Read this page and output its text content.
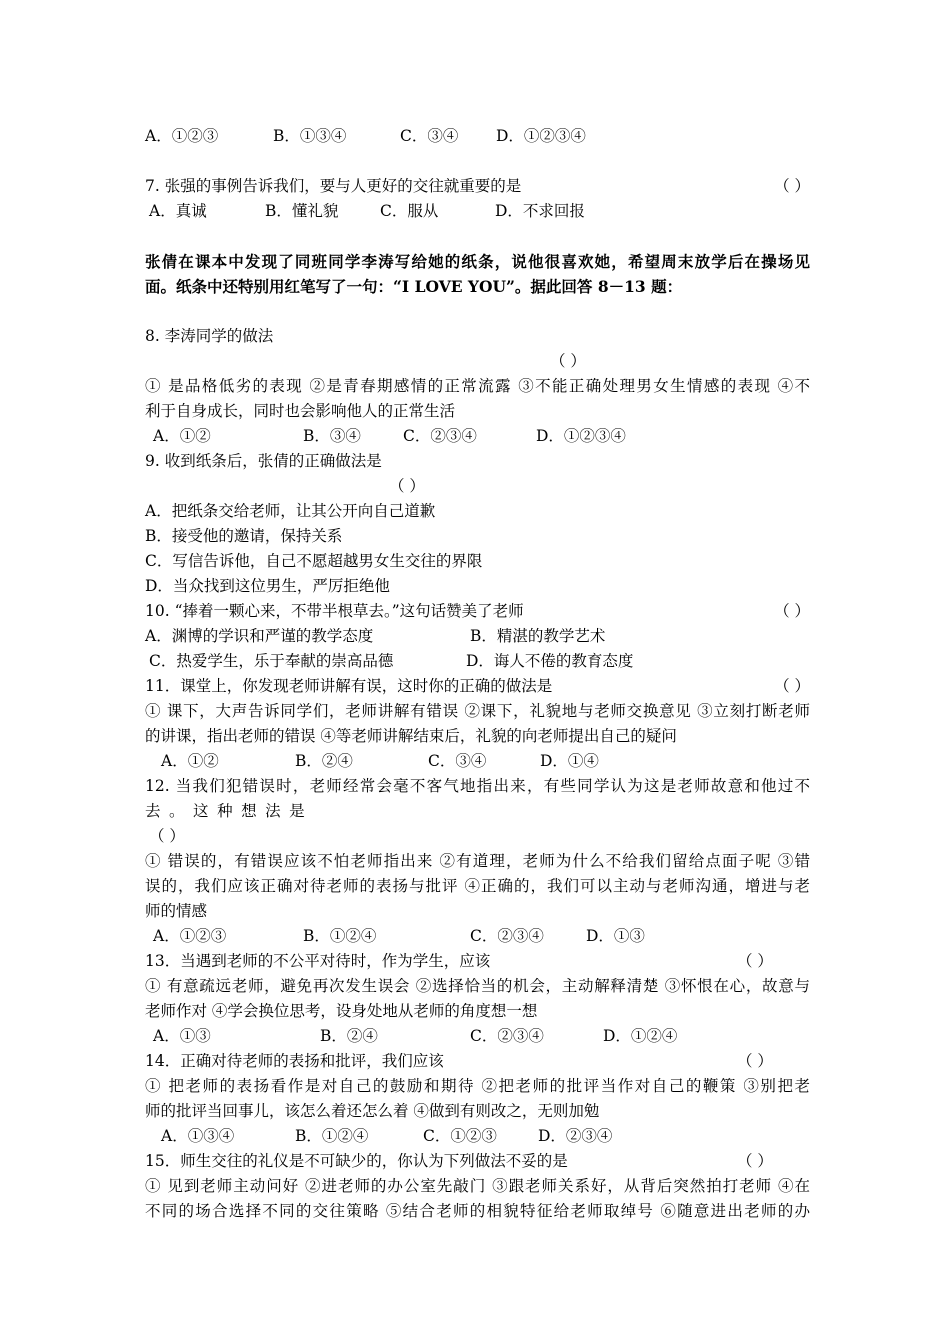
A．①②③	B．①③④	C．③④ D．①②③④
7. 张强的事例告诉我们，要与人更好的交往就重要的是	（ ）
A．真诚	B．懂礼貌	C．服从	D．不求回报
张倩在课本中发现了同班同学李涛写给她的纸条，说他很喜欢她，希望周末放学后在操场见
面。纸条中还特别用红笔写了一句：“I LOVE YOU”。据此回答 8－13 题：
8. 李涛同学的做法
（ ）
① 是品格低劣的表现 ②是青春期感情的正常流露 ③不能正确处理男女生情感的表现 ④不
利于自身成长，同时也会影响他人的正常生活
A．①②	B．③④	C．②③④	D．①②③④
9. 收到纸条后，张倩的正确做法是
（ ）
A．把纸条交给老师，让其公开向自己道歉
B．接受他的邀请，保持关系
C．写信告诉他，自己不愿超越男女生交往的界限
D．当众找到这位男生，严厉拒绝他
10. “捧着一颗心来，不带半根草去。”这句话赞美了老师	（ ）
A．渊博的学识和严谨的教学态度	B．精湛的教学艺术
C．热爱学生，乐于奉献的崇高品德	D．诲人不倦的教育态度
11．课堂上，你发现老师讲解有误，这时你的正确的做法是	（ ）
① 课下，大声告诉同学们，老师讲解有错误 ②课下，礼貌地与老师交换意见 ③立刻打断老师
的讲课，指出老师的错误 ④等老师讲解结束后，礼貌的向老师提出自己的疑问
A．①②	B．②④	C．③④	D．①④
12. 当我们犯错误时，老师经常会毫不客气地指出来，有些同学认为这是老师故意和他过不
去。这种想法是
（ ）
① 错误的，有错误应该不怕老师指出来 ②有道理，老师为什么不给我们留给点面子呢 ③错
误的，我们应该正确对待老师的表扬与批评 ④正确的，我们可以主动与老师沟通，增进与老
师的情感
A．①②③	B．①②④	C．②③④	D．①③
13．当遇到老师的不公平对待时，作为学生，应该	（ ）
① 有意疏远老师，避免再次发生误会 ②选择恰当的机会，主动解释清楚 ③怀恨在心，故意与
老师作对 ④学会换位思考，设身处地从老师的角度想一想
A．①③	B．②④	C．②③④	D．①②④
14．正确对待老师的表扬和批评，我们应该	（ ）
① 把老师的表扬看作是对自己的鼓励和期待 ②把老师的批评当作对自己的鞭策 ③别把老
师的批评当回事儿，该怎么着还怎么着 ④做到有则改之，无则加勉
A．①③④	B．①②④	C．①②③	D．②③④
15．师生交往的礼仪是不可缺少的，你认为下列做法不妥的是	（ ）
① 见到老师主动问好 ②进老师的办公室先敲门 ③跟老师关系好，从背后突然拍打老师 ④在
不同的场合选择不同的交往策略 ⑤结合老师的相貌特征给老师取绰号 ⑥随意进出老师的办
